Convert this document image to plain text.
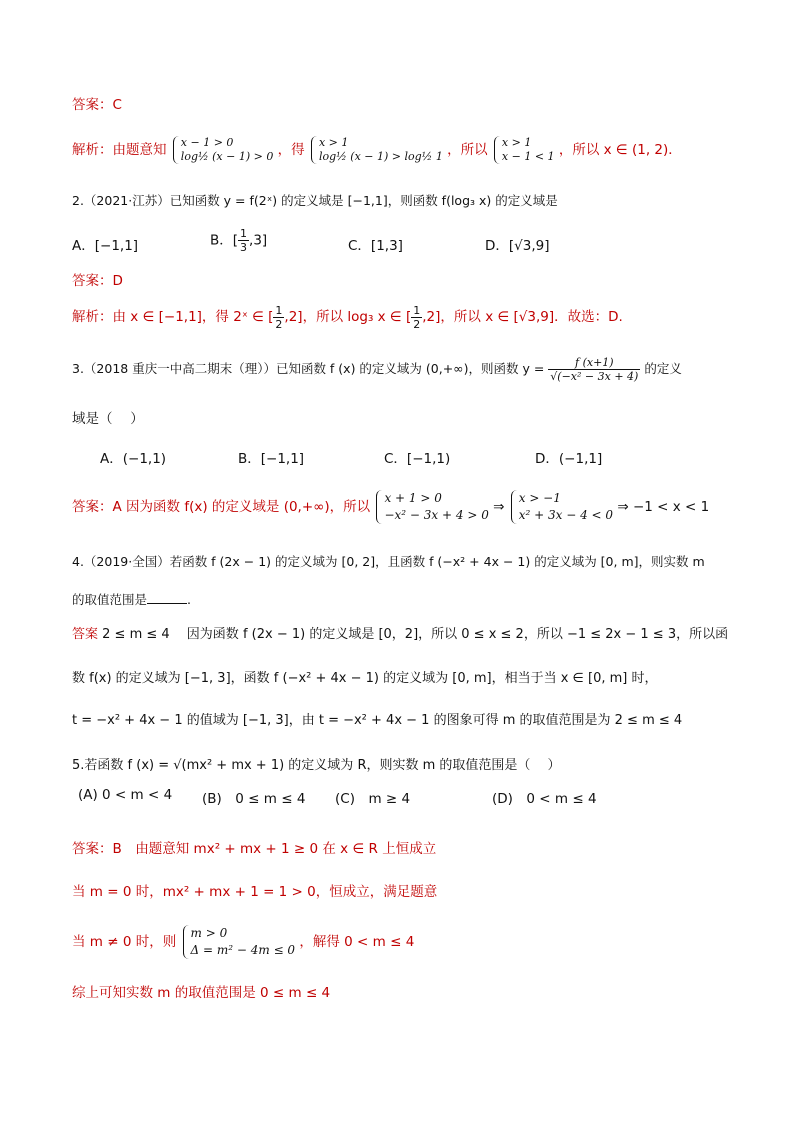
答案：C
解析：由题意知 x − 1 > 0
log½ (x − 1) > 0 ，得 x > 1
log½ (x − 1) > log½ 1 ，所以 x > 1
x − 1 < 1 ，所以 x ∈ (1, 2)．
2.（2021·江苏）已知函数 y = f(2ˣ) 的定义域是 [−1,1]，则函数 f(log₃ x) 的定义域是
A．[−1,1]	B．[ $\frac{1}{3} ,3$]	C．[1,3]	D．[√3,9]
答案：D
解析：由 x ∈ [−1,1]，得 2ˣ ∈ [ $\frac{1}{2} ,2$]，所以 log₃ x ∈ [ $\frac{1}{2} ,2$]，所以 x ∈ [√3,9]．故选：D.
3.（2018 重庆一中高二期末（理））已知函数 f (x) 的定义域为 (0,+∞)，则函数 $y = \frac{f (x+1)}{\text{√(−x² − 3x + 4)}}$ 的定义
域是（　 ）
A．(−1,1)	B．[−1,1]	C．[−1,1)	D．(−1,1]
答案：A 因为函数 f(x) 的定义域是 (0,+∞)，所以
x + 1 > 0
−x² − 3x + 4 > 0 ⇒
x > −1
x² + 3x − 4 < 0 ⇒ −1 < x < 1
4.（2019·全国）若函数 f (2x − 1) 的定义域为 [0, 2]，且函数 f (−x² + 4x − 1) 的定义域为 [0, m]，则实数 m
的取值范围是	.
答案 2 ≤ m ≤ 4　 因为函数 f (2x − 1) 的定义域是 [0，2]，所以 0 ≤ x ≤ 2，所以 −1 ≤ 2x − 1 ≤ 3，所以函
数 f(x) 的定义域为 [−1, 3]，函数 f (−x² + 4x − 1) 的定义域为 [0, m]，相当于当 x ∈ [0, m] 时，
t = −x² + 4x − 1 的值域为 [−1, 3]，由 t = −x² + 4x − 1 的图象可得 m 的取值范围是为 2 ≤ m ≤ 4
5.若函数 f (x) = √(mx² + mx + 1) 的定义域为 R，则实数 m 的取值范围是（　 ）
(A) 0 < m < 4 (B)　0 ≤ m ≤ 4 (C)　m ≥ 4	(D)　0 < m ≤ 4
答案：B　由题意知 mx² + mx + 1 ≥ 0 在 x ∈ R 上恒成立
当 m = 0 时，mx² + mx + 1 = 1 > 0，恒成立，满足题意
当 m ≠ 0 时，则
m > 0
Δ = m² − 4m ≤ 0 ，解得 0 < m ≤ 4
综上可知实数 m 的取值范围是 0 ≤ m ≤ 4
